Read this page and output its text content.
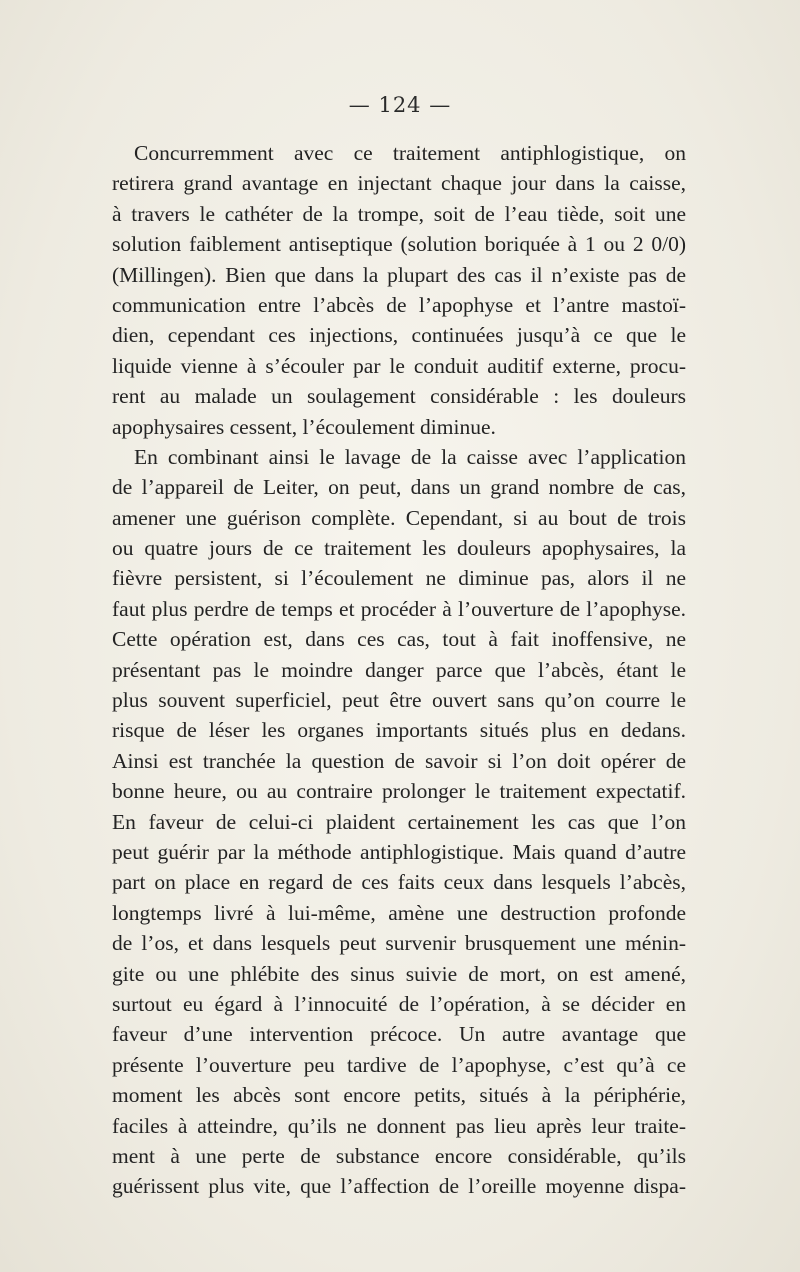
— 124 —
Concurremment avec ce traitement antiphlogistique, on
retirera grand avantage en injectant chaque jour dans la caisse,
à travers le cathéter de la trompe, soit de l’eau tiède, soit une
solution faiblement antiseptique (solution boriquée à 1 ou 2 0/0)
(Millingen). Bien que dans la plupart des cas il n’existe pas de
communication entre l’abcès de l’apophyse et l’antre mastoï-
dien, cependant ces injections, continuées jusqu’à ce que le
liquide vienne à s’écouler par le conduit auditif externe, procu-
rent au malade un soulagement considérable : les douleurs
apophysaires cessent, l’écoulement diminue.
En combinant ainsi le lavage de la caisse avec l’application
de l’appareil de Leiter, on peut, dans un grand nombre de cas,
amener une guérison complète. Cependant, si au bout de trois
ou quatre jours de ce traitement les douleurs apophysaires, la
fièvre persistent, si l’écoulement ne diminue pas, alors il ne
faut plus perdre de temps et procéder à l’ouverture de l’apophyse.
Cette opération est, dans ces cas, tout à fait inoffensive, ne
présentant pas le moindre danger parce que l’abcès, étant le
plus souvent superficiel, peut être ouvert sans qu’on courre le
risque de léser les organes importants situés plus en dedans.
Ainsi est tranchée la question de savoir si l’on doit opérer de
bonne heure, ou au contraire prolonger le traitement expectatif.
En faveur de celui-ci plaident certainement les cas que l’on
peut guérir par la méthode antiphlogistique. Mais quand d’autre
part on place en regard de ces faits ceux dans lesquels l’abcès,
longtemps livré à lui-même, amène une destruction profonde
de l’os, et dans lesquels peut survenir brusquement une ménin-
gite ou une phlébite des sinus suivie de mort, on est amené,
surtout eu égard à l’innocuité de l’opération, à se décider en
faveur d’une intervention précoce. Un autre avantage que
présente l’ouverture peu tardive de l’apophyse, c’est qu’à ce
moment les abcès sont encore petits, situés à la périphérie,
faciles à atteindre, qu’ils ne donnent pas lieu après leur traite-
ment à une perte de substance encore considérable, qu’ils
guérissent plus vite, que l’affection de l’oreille moyenne dispa-
